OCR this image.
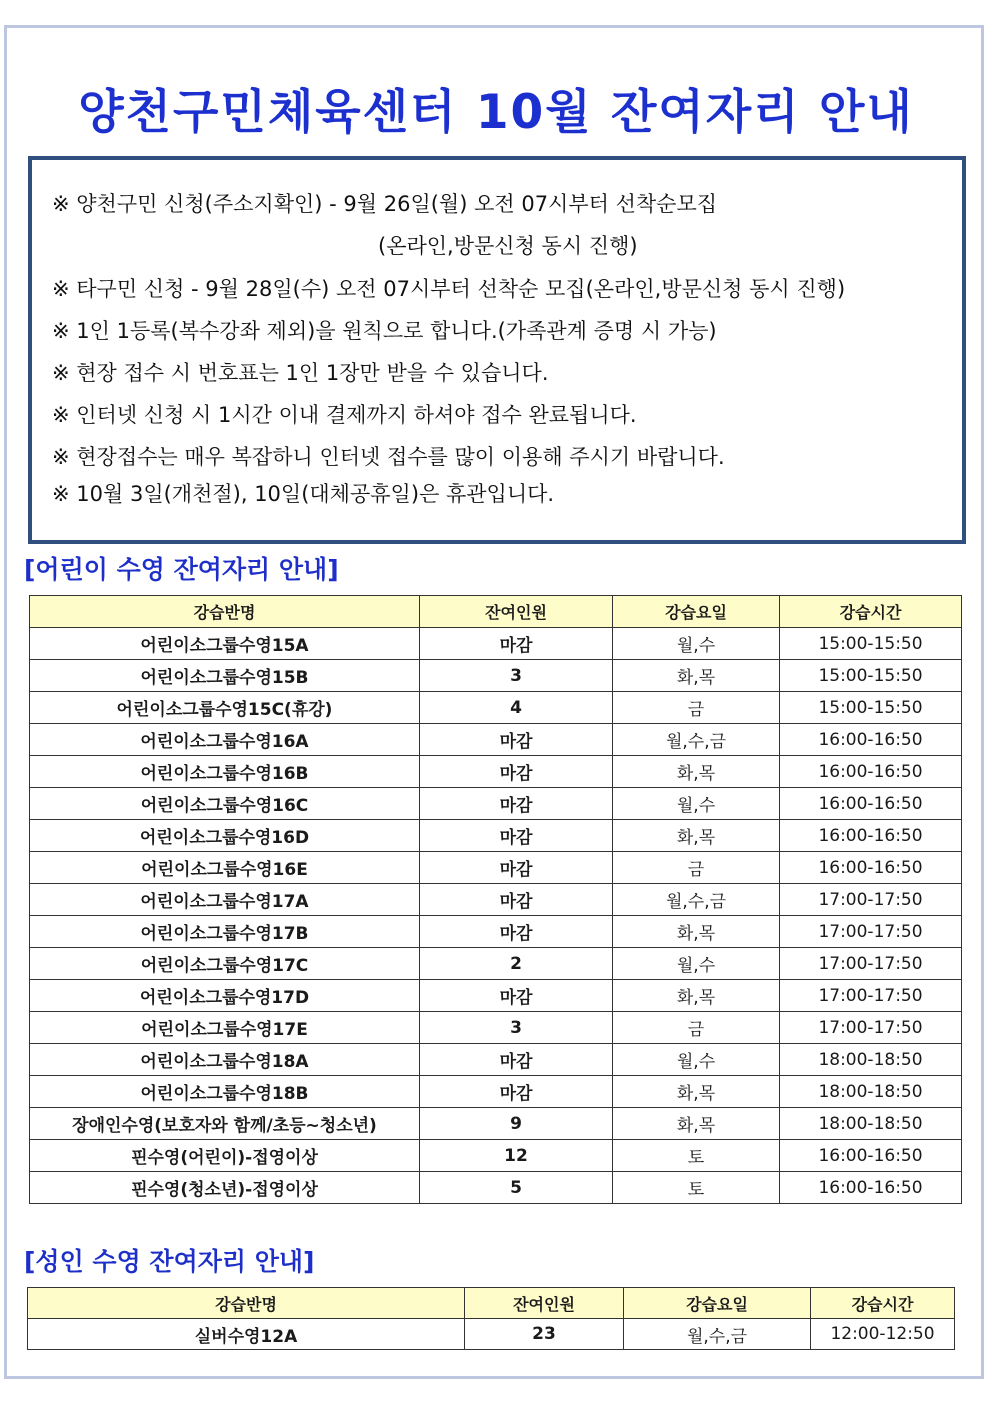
양천구민체육센터 10월 잔여자리 안내
※ 양천구민 신청(주소지확인) - 9월 26일(월) 오전 07시부터 선착순모집
(온라인,방문신청 동시 진행)
※ 타구민 신청 - 9월 28일(수) 오전 07시부터 선착순 모집(온라인,방문신청 동시 진행)
※ 1인 1등록(복수강좌 제외)을 원칙으로 합니다.(가족관계 증명 시 가능)
※ 현장 접수 시 번호표는 1인 1장만 받을 수 있습니다.
※ 인터넷 신청 시 1시간 이내 결제까지 하셔야 접수 완료됩니다.
※ 현장접수는 매우 복잡하니 인터넷 접수를 많이 이용해 주시기 바랍니다.
※ 10월 3일(개천절), 10일(대체공휴일)은 휴관입니다.
[어린이 수영 잔여자리 안내]
강습반명	잔여인원	강습요일	강습시간
어린이소그룹수영15A	마감	월,수	15:00-15:50
어린이소그룹수영15B	3	화,목	15:00-15:50
어린이소그룹수영15C(휴강)	4	금	15:00-15:50
어린이소그룹수영16A	마감	월,수,금	16:00-16:50
어린이소그룹수영16B	마감	화,목	16:00-16:50
어린이소그룹수영16C	마감	월,수	16:00-16:50
어린이소그룹수영16D	마감	화,목	16:00-16:50
어린이소그룹수영16E	마감	금	16:00-16:50
어린이소그룹수영17A	마감	월,수,금	17:00-17:50
어린이소그룹수영17B	마감	화,목	17:00-17:50
어린이소그룹수영17C	2	월,수	17:00-17:50
어린이소그룹수영17D	마감	화,목	17:00-17:50
어린이소그룹수영17E	3	금	17:00-17:50
어린이소그룹수영18A	마감	월,수	18:00-18:50
어린이소그룹수영18B	마감	화,목	18:00-18:50
장애인수영(보호자와 함께/초등~청소년)	9	화,목	18:00-18:50
핀수영(어린이)-접영이상	12	토	16:00-16:50
핀수영(청소년)-접영이상	5	토	16:00-16:50
[성인 수영 잔여자리 안내]
강습반명	잔여인원	강습요일	강습시간
실버수영12A	23	월,수,금	12:00-12:50
